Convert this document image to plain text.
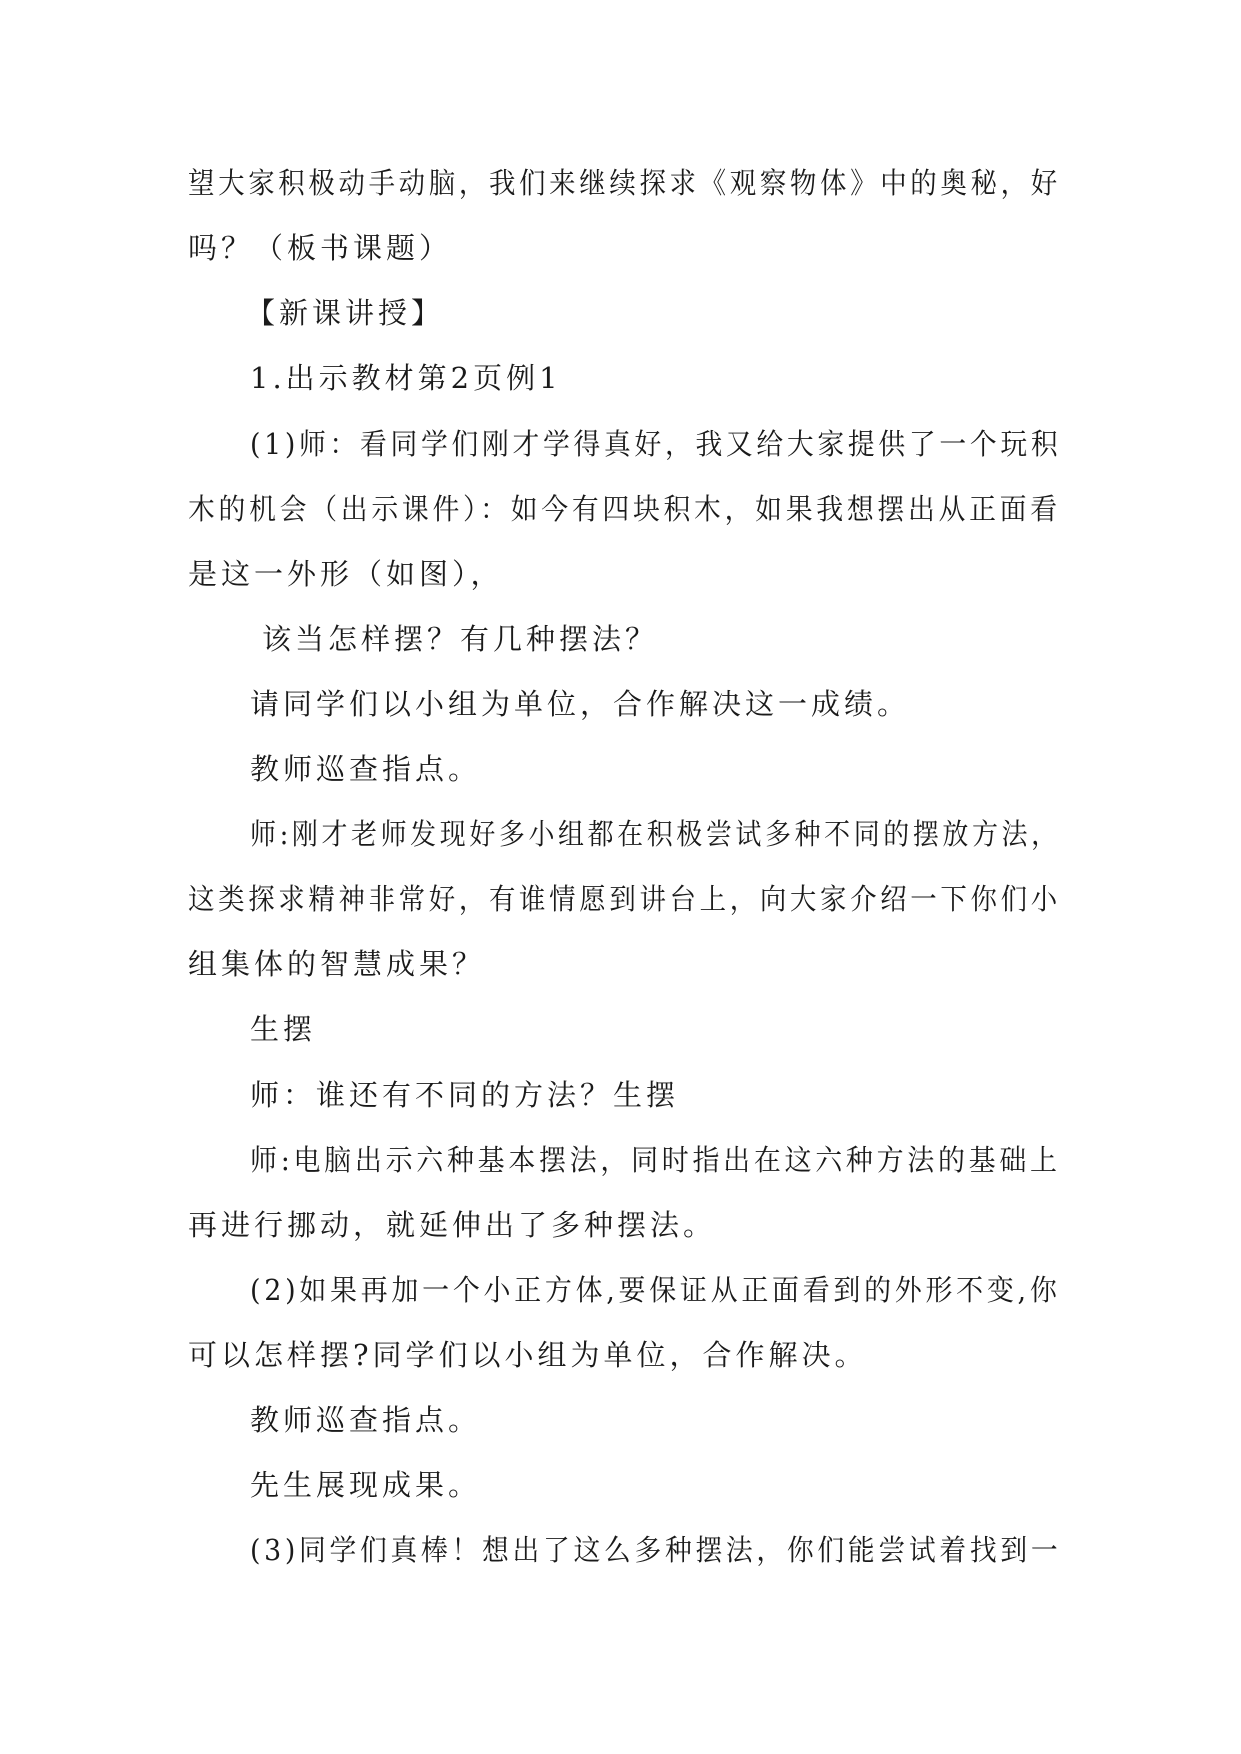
望大家积极动手动脑，我们来继续探求《观察物体》中的奥秘，好
吗？（板书课题）
【新课讲授】
1.出示教材第2页例1
(1)师：看同学们刚才学得真好，我又给大家提供了一个玩积
木的机会（出示课件）：如今有四块积木，如果我想摆出从正面看
是这一外形（如图），
该当怎样摆？有几种摆法？
请同学们以小组为单位，合作解决这一成绩。
教师巡查指点。
师:刚才老师发现好多小组都在积极尝试多种不同的摆放方法，
这类探求精神非常好，有谁情愿到讲台上，向大家介绍一下你们小
组集体的智慧成果？
生摆
师：谁还有不同的方法？生摆
师:电脑出示六种基本摆法，同时指出在这六种方法的基础上
再进行挪动，就延伸出了多种摆法。
(2)如果再加一个小正方体,要保证从正面看到的外形不变,你
可以怎样摆?同学们以小组为单位，合作解决。
教师巡查指点。
先生展现成果。
(3)同学们真棒！想出了这么多种摆法，你们能尝试着找到一
